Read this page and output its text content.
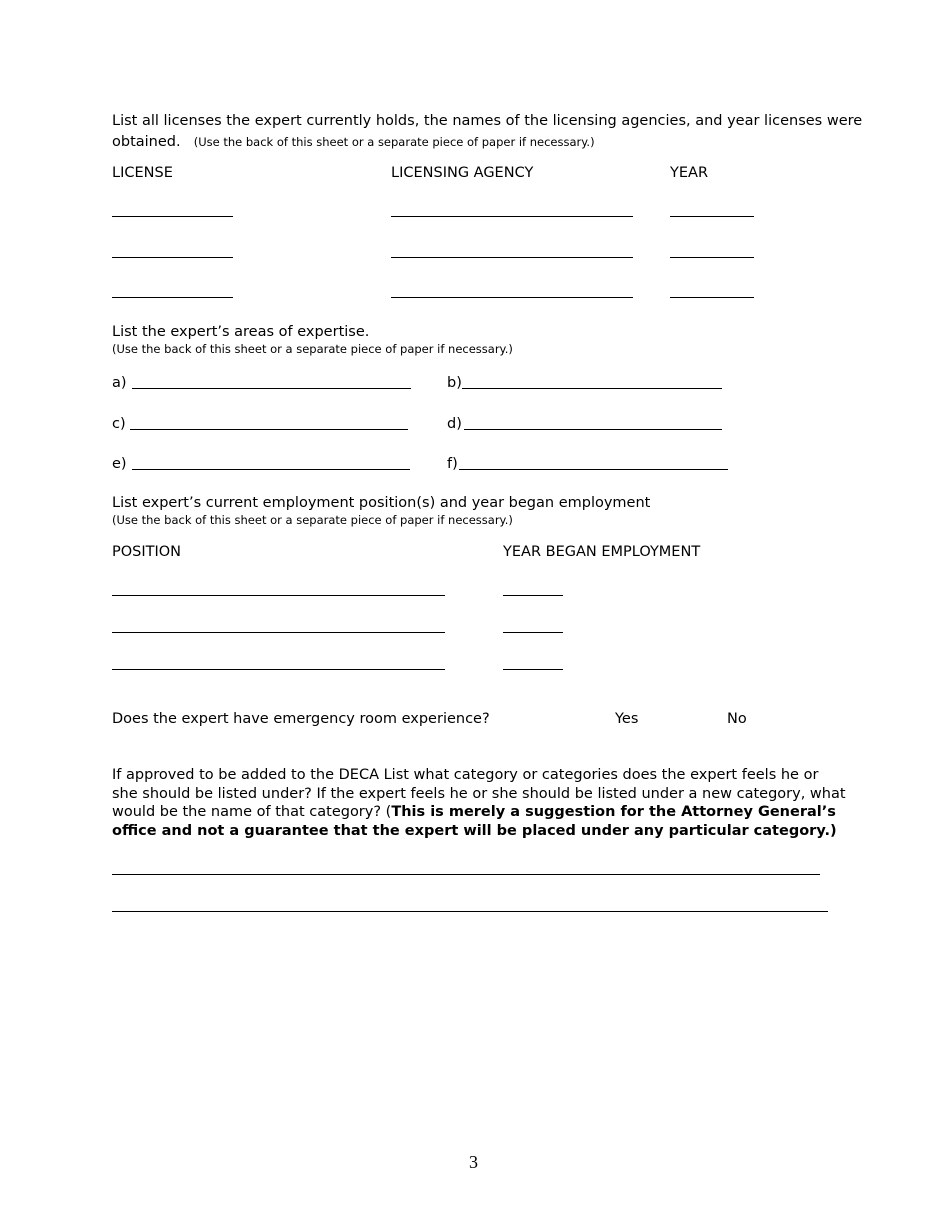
List all licenses the expert currently holds, the names of the licensing agencies, and year licenses were
obtained. (Use the back of this sheet or a separate piece of paper if necessary.)
LICENSE	LICENSING AGENCY	YEAR
List the expert’s areas of expertise.
(Use the back of this sheet or a separate piece of paper if necessary.)
a)	b)
c)	d)
e)	f)
List expert’s current employment position(s) and year began employment
(Use the back of this sheet or a separate piece of paper if necessary.)
POSITION	YEAR BEGAN EMPLOYMENT
Does the expert have emergency room experience?	Yes	No
If approved to be added to the DECA List what category or categories does the expert feels he or she should be listed under? If the expert feels he or she should be listed under a new category, what would be the name of that category? (This is merely a suggestion for the Attorney General’s office and not a guarantee that the expert will be placed under any particular category.)
3
